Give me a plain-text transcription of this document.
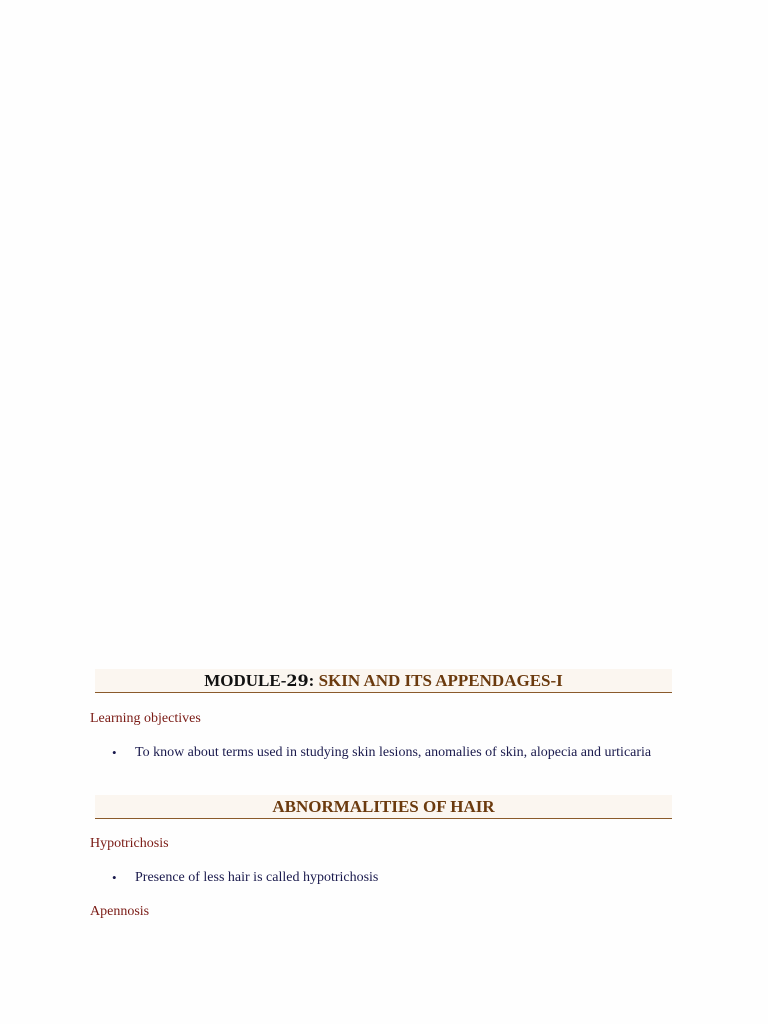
MODULE-29: SKIN AND ITS APPENDAGES-I
Learning objectives
• To know about terms used in studying skin lesions, anomalies of skin, alopecia and urticaria
ABNORMALITIES OF HAIR
Hypotrichosis
• Presence of less hair is called hypotrichosis
Apennosis
